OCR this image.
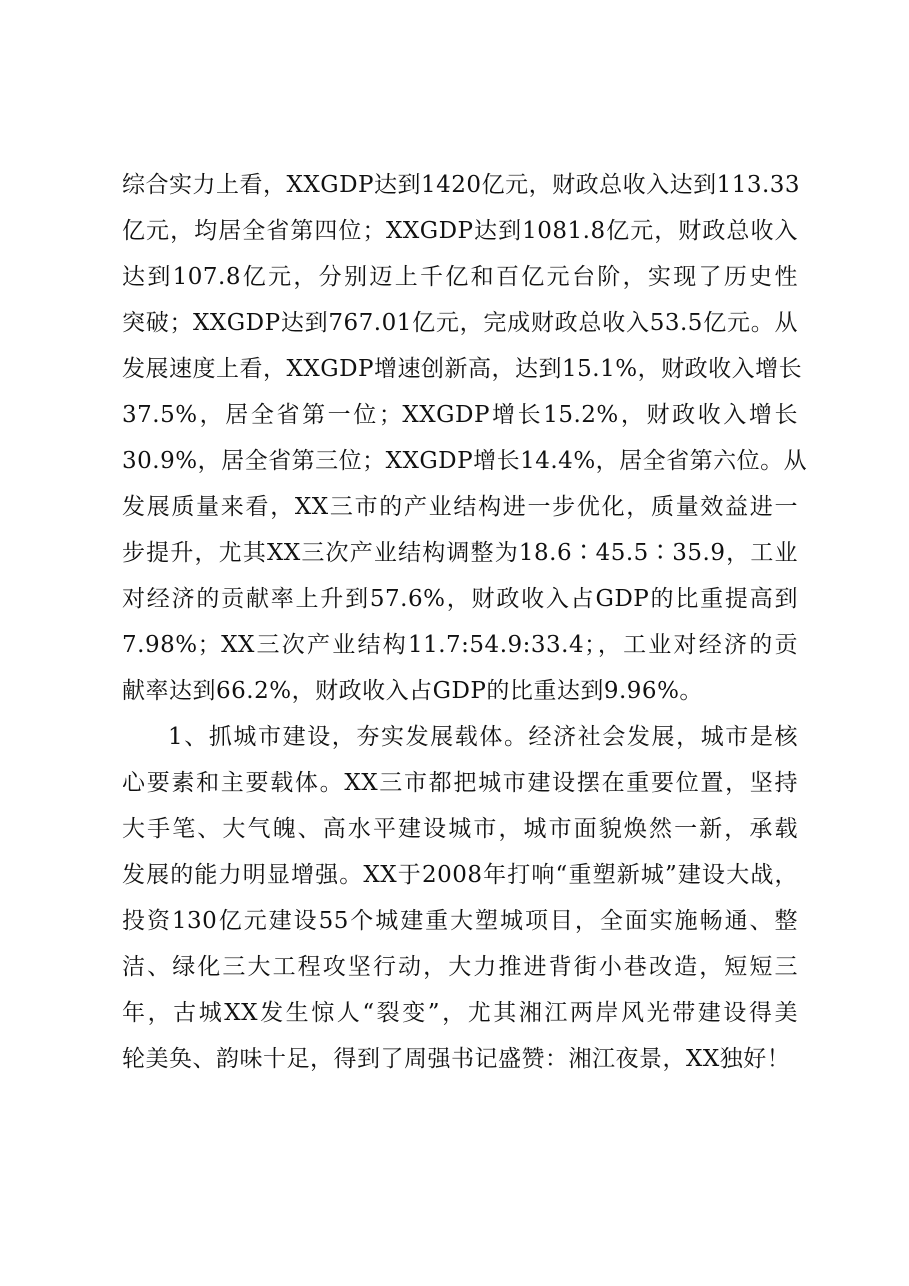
综合实力上看，XXGDP达到1420亿元，财政总收入达到113.33
亿元，均居全省第四位；XXGDP达到1081.8亿元，财政总收入
达到107.8亿元，分别迈上千亿和百亿元台阶，实现了历史性
突破；XXGDP达到767.01亿元，完成财政总收入53.5亿元。从
发展速度上看，XXGDP增速创新高，达到15.1%，财政收入增长
37.5%，居全省第一位；XXGDP增长15.2%，财政收入增长
30.9%，居全省第三位；XXGDP增长14.4%，居全省第六位。从
发展质量来看，XX三市的产业结构进一步优化，质量效益进一
步提升，尤其XX三次产业结构调整为18.6∶45.5∶35.9，工业
对经济的贡献率上升到57.6%，财政收入占GDP的比重提高到
7.98%；XX三次产业结构11.7:54.9:33.4；，工业对经济的贡
献率达到66.2%，财政收入占GDP的比重达到9.96%。
1、抓城市建设，夯实发展载体。经济社会发展，城市是核
心要素和主要载体。XX三市都把城市建设摆在重要位置，坚持
大手笔、大气魄、高水平建设城市，城市面貌焕然一新，承载
发展的能力明显增强。XX于2008年打响“重塑新城”建设大战，
投资130亿元建设55个城建重大塑城项目，全面实施畅通、整
洁、绿化三大工程攻坚行动，大力推进背街小巷改造，短短三
年，古城XX发生惊人“裂变”，尤其湘江两岸风光带建设得美
轮美奂、韵味十足，得到了周强书记盛赞：湘江夜景，XX独好！
